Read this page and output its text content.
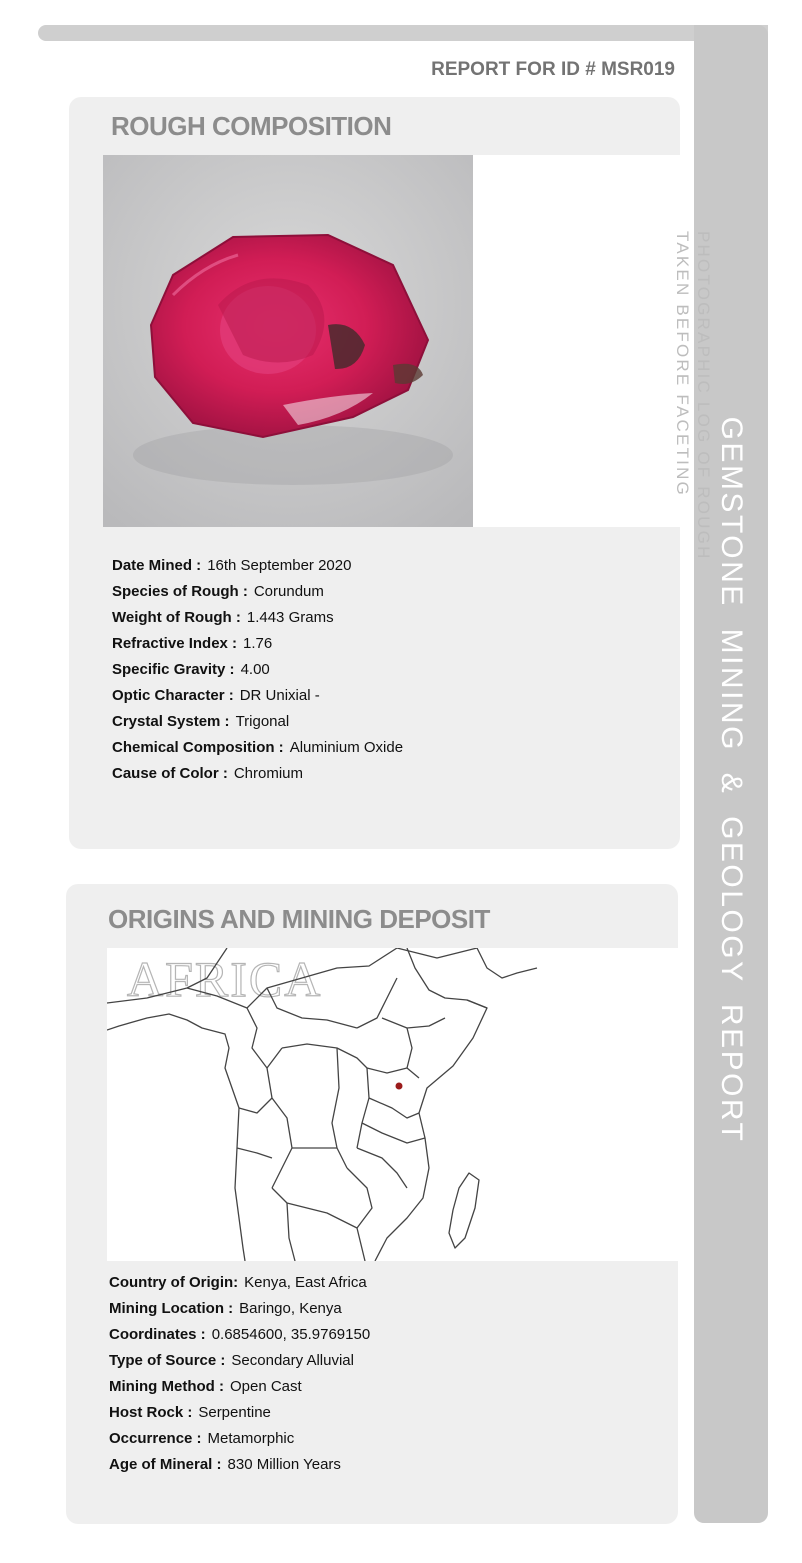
GEMSTONE MINING & GEOLOGY REPORT
REPORT FOR ID # MSR019
ROUGH COMPOSITION
PHOTOGRAPHIC LOG OF ROUGH
TAKEN BEFORE FACETING
Date Mined : 16th September 2020
Species of Rough : Corundum
Weight of Rough : 1.443 Grams
Refractive Index : 1.76
Specific Gravity : 4.00
Optic Character : DR Unixial -
Crystal System : Trigonal
Chemical Composition : Aluminium Oxide
Cause of Color : Chromium
ORIGINS AND MINING DEPOSIT
AFRICA
Country of Origin: Kenya, East Africa
Mining Location : Baringo, Kenya
Coordinates : 0.6854600, 35.9769150
Type of Source : Secondary Alluvial
Mining Method : Open Cast
Host Rock : Serpentine
Occurrence : Metamorphic
Age of Mineral : 830 Million Years
